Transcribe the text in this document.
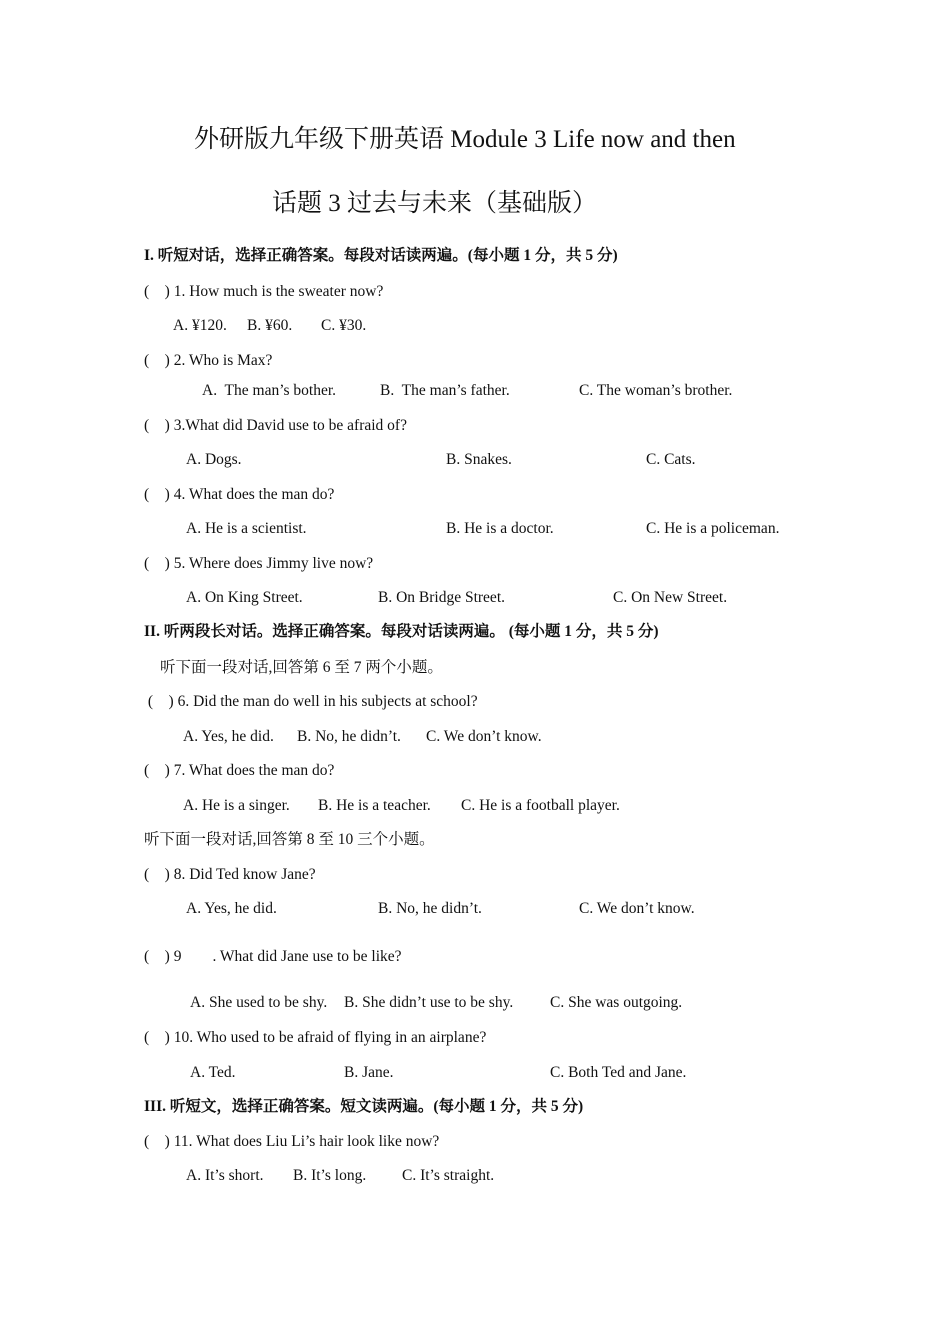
外研版九年级下册英语 Module 3 Life now and then
话题 3 过去与未来（基础版）
I. 听短对话，选择正确答案。每段对话读两遍。(每小题 1 分，共 5 分)
(    ) 1. How much is the sweater now?
A. ¥120. B. ¥60. C. ¥30.
(    ) 2. Who is Max?
A.  The man’s bother.	B.  The man’s father.	C. The woman’s brother.
(    ) 3.What did David use to be afraid of?
A. Dogs.	B. Snakes.	C. Cats.
(    ) 4. What does the man do?
A. He is a scientist.	B. He is a doctor.	C. He is a policeman.
(    ) 5. Where does Jimmy live now?
A. On King Street.	B. On Bridge Street.	C. On New Street.
II. 听两段长对话。选择正确答案。每段对话读两遍。 (每小题 1 分，共 5 分)
听下面一段对话,回答第 6 至 7 两个小题。
(    ) 6. Did the man do well in his subjects at school?
A. Yes, he did. B. No, he didn’t. C. We don’t know.
(    ) 7. What does the man do?
A. He is a singer. B. He is a teacher. C. He is a football player.
听下面一段对话,回答第 8 至 10 三个小题。
(    ) 8. Did Ted know Jane?
A. Yes, he did.	B. No, he didn’t.	C. We don’t know.
(    ) 9        . What did Jane use to be like?
A. She used to be shy. B. She didn’t use to be shy. C. She was outgoing.
(    ) 10. Who used to be afraid of flying in an airplane?
A. Ted.	B. Jane.	C. Both Ted and Jane.
III. 听短文，选择正确答案。短文读两遍。(每小题 1 分，共 5 分)
(    ) 11. What does Liu Li’s hair look like now?
A. It’s short. B. It’s long. C. It’s straight.
